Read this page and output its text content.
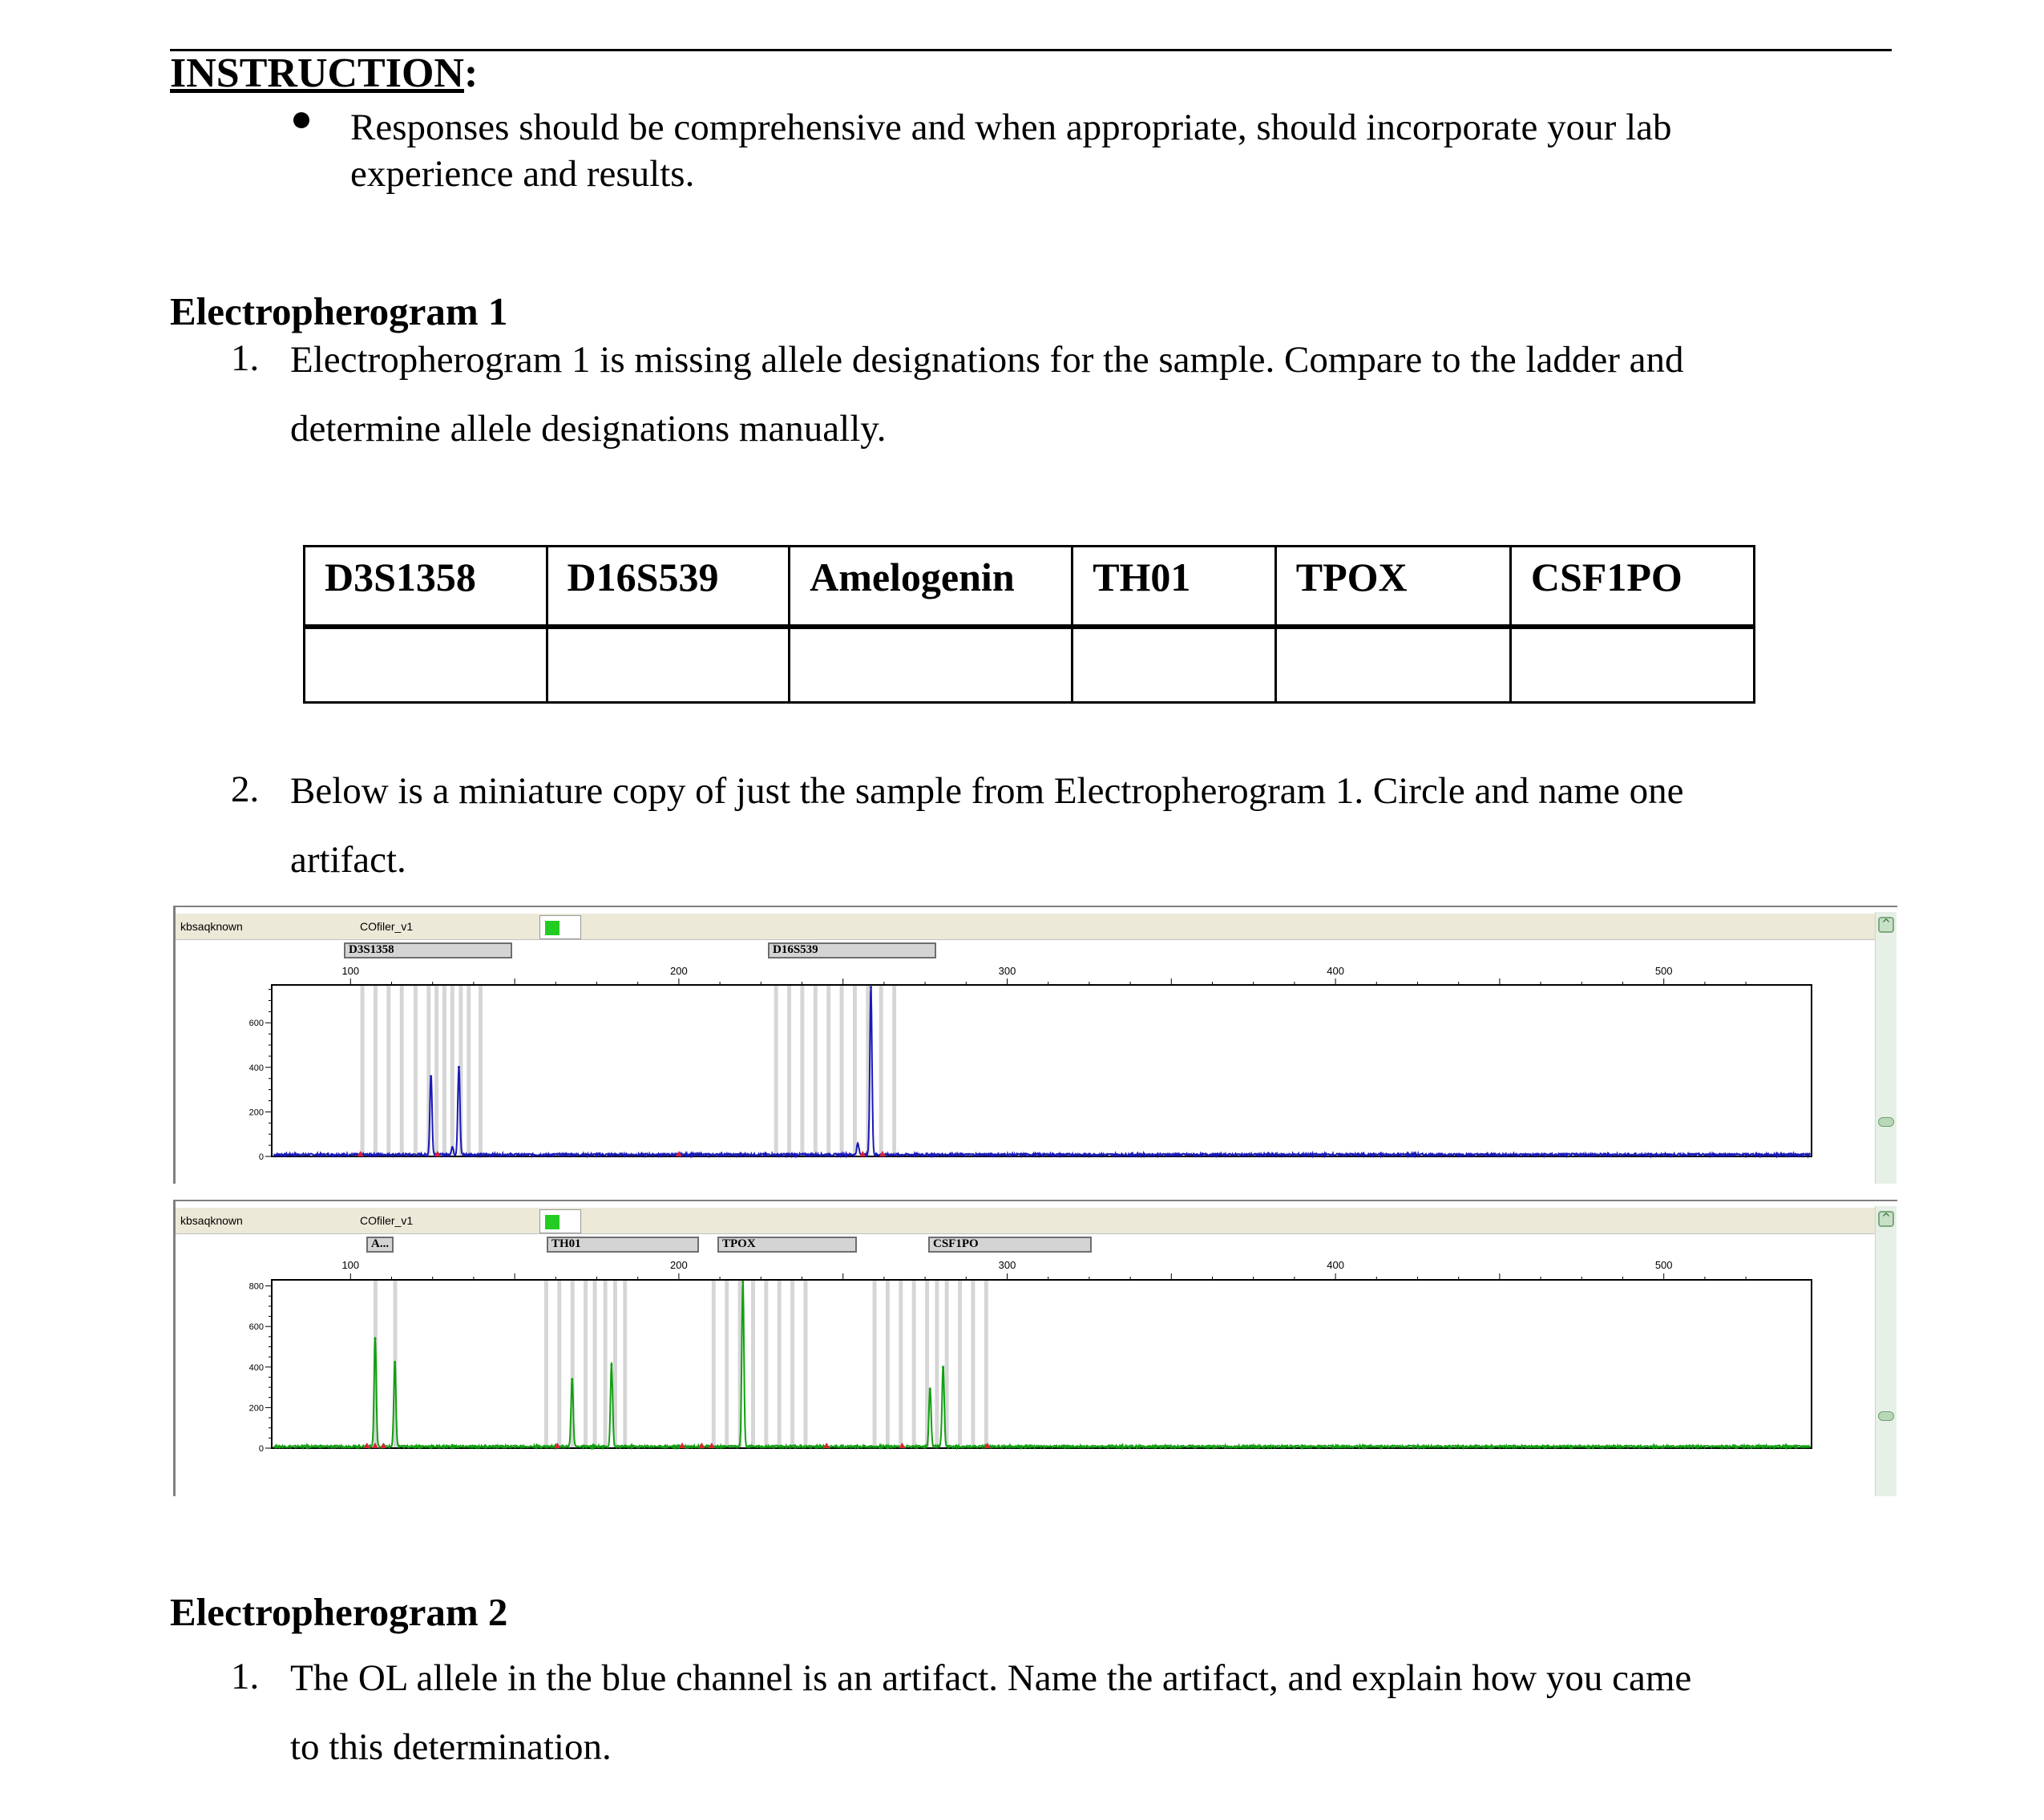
INSTRUCTION:
Responses should be comprehensive and when appropriate, should incorporate your lab
experience and results.
Electropherogram 1
1. Electropherogram 1 is missing allele designations for the sample. Compare to the ladder and
determine allele designations manually.
D3S1358	D16S539	Amelogenin	TH01	TPOX	CSF1PO

2. Below is a miniature copy of just the sample from Electropherogram 1. Circle and name one
artifact.
kbsaqknown	COfiler_v1
D3S1358	D16S539
^
100	200	300	400	500
600
400
200
0
kbsaqknown	COfiler_v1
A...	TH01	TPOX	CSF1PO
^
100	200	300	400	500
800
600
400
200
0
Electropherogram 2
1. The OL allele in the blue channel is an artifact. Name the artifact, and explain how you came
to this determination.
